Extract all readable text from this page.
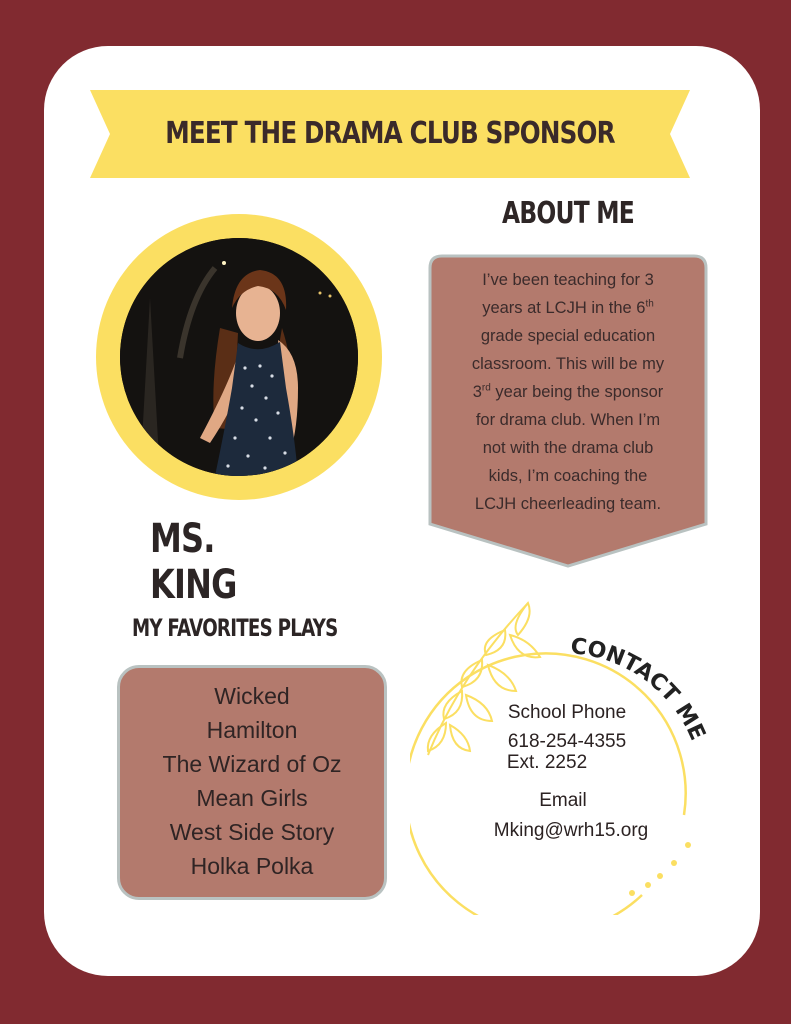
MEET THE DRAMA CLUB SPONSOR
ABOUT ME
I’ve been teaching for 3
years at LCJH in the 6th
grade special education
classroom. This will be my
3rd year being the sponsor
for drama club. When I’m
not with the drama club
kids, I’m coaching the
LCJH cheerleading team.
MS. KING
MY FAVORITES PLAYS
Wicked
Hamilton
The Wizard of Oz
Mean Girls
West Side Story
Holka Polka
CONTACT ME
School Phone
618-254-4355
Ext. 2252
Email
Mking@wrh15.org
